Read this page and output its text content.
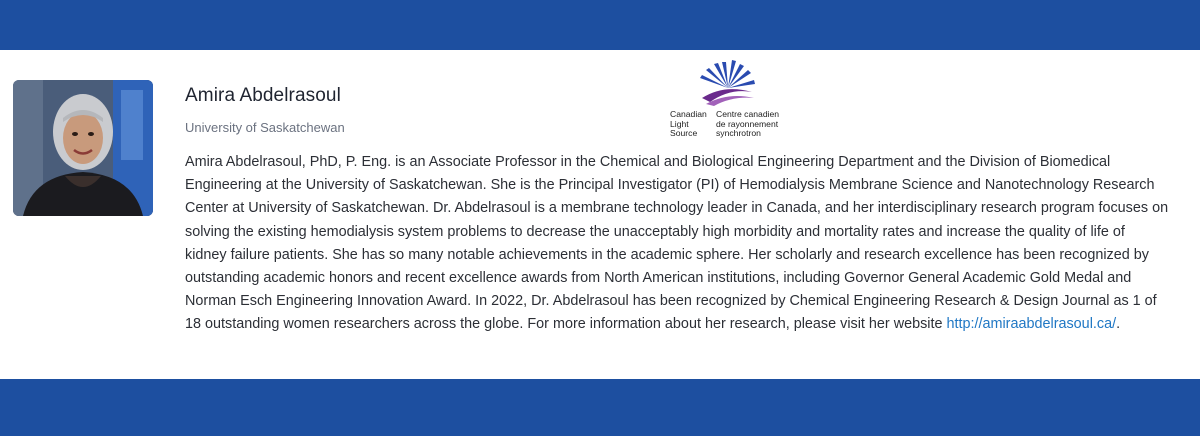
Amira Abdelrasoul
University of Saskatchewan
Canadian
Light
Source
Centre canadien
de rayonnement
synchrotron
Amira Abdelrasoul, PhD, P. Eng. is an Associate Professor in the Chemical and Biological Engineering Department and the Division of Biomedical Engineering at the University of Saskatchewan. She is the Principal Investigator (PI) of Hemodialysis Membrane Science and Nanotechnology Research Center at University of Saskatchewan. Dr. Abdelrasoul is a membrane technology leader in Canada, and her interdisciplinary research program focuses on solving the existing hemodialysis system problems to decrease the unacceptably high morbidity and mortality rates and increase the quality of life of kidney failure patients. She has so many notable achievements in the academic sphere. Her scholarly and research excellence has been recognized by outstanding academic honors and recent excellence awards from North American institutions, including Governor General Academic Gold Medal and Norman Esch Engineering Innovation Award. In 2022, Dr. Abdelrasoul has been recognized by Chemical Engineering Research & Design Journal as 1 of 18 outstanding women researchers across the globe. For more information about her research, please visit her website http://amiraabdelrasoul.ca/.
